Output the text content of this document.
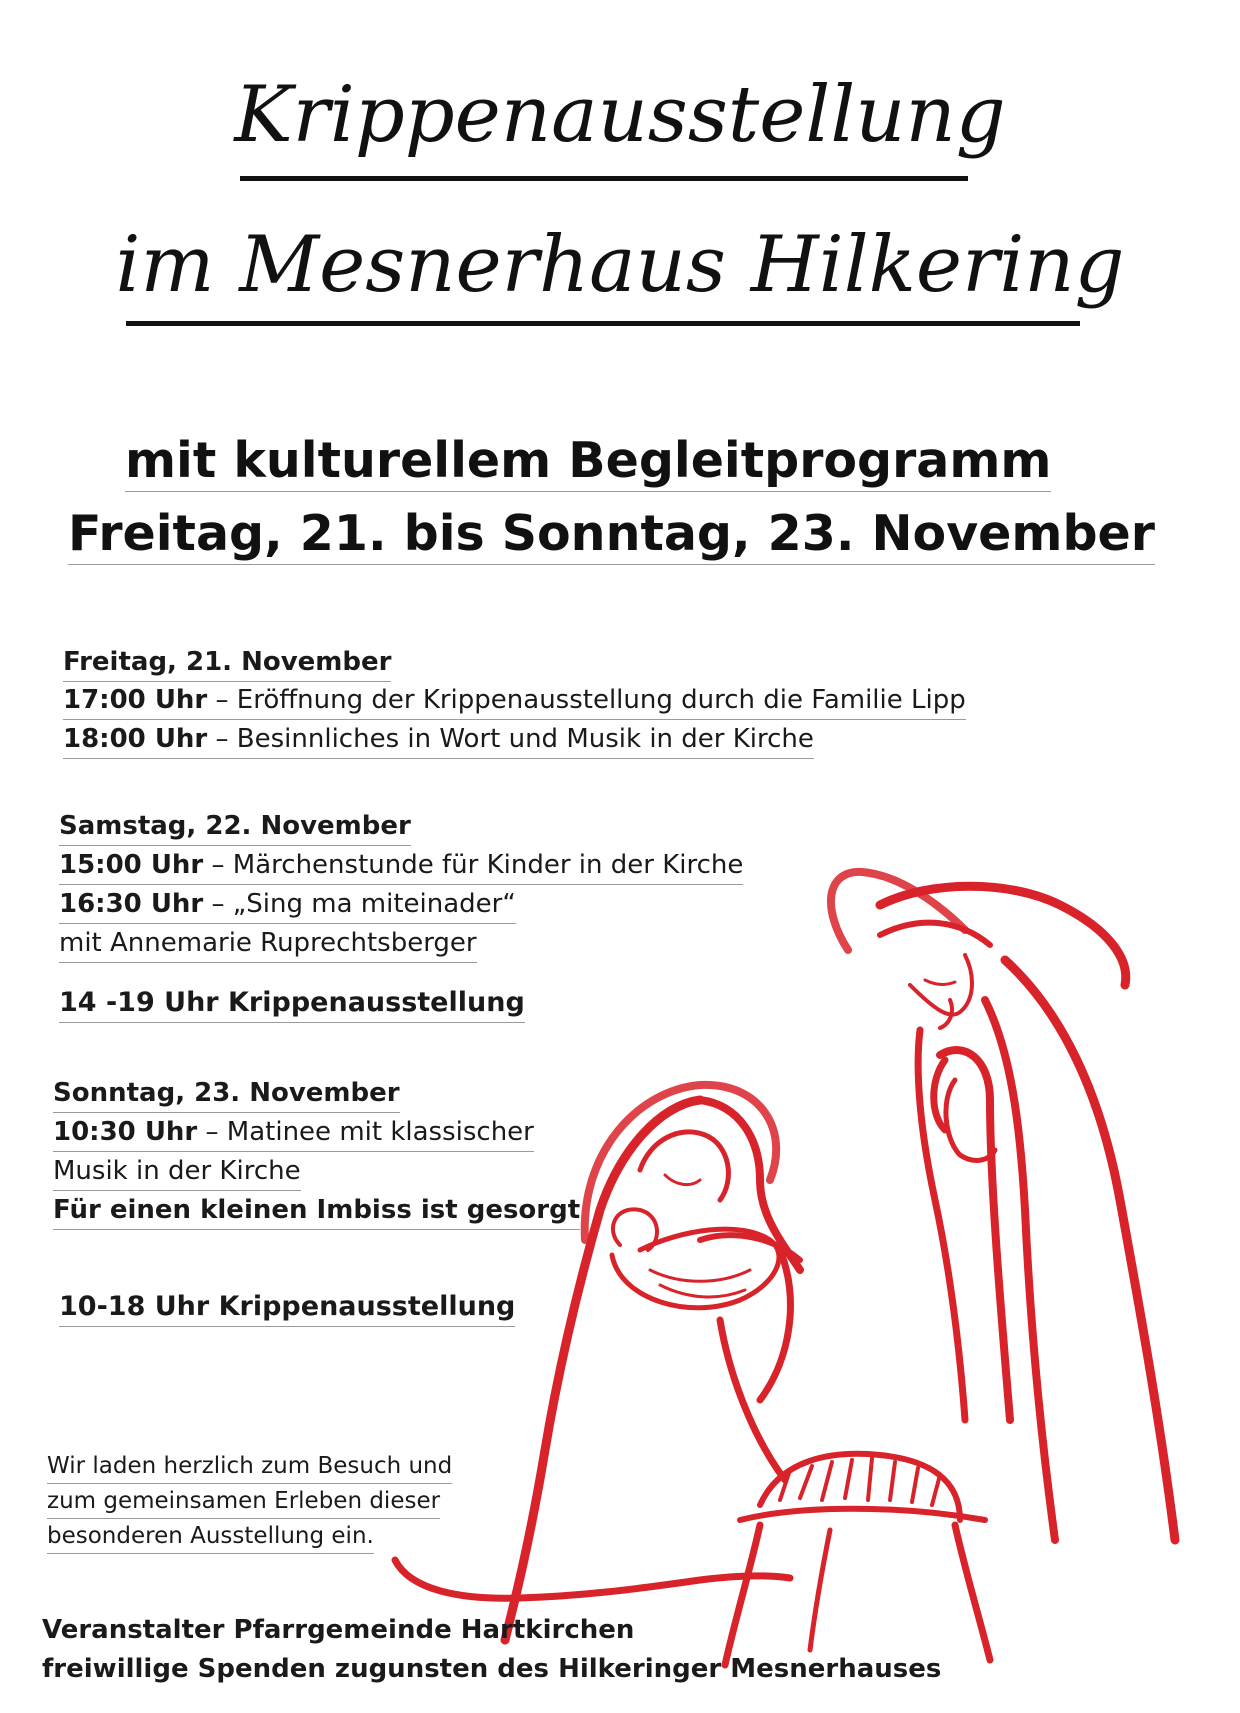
Krippenausstellung
im Mesnerhaus Hilkering
mit kulturellem Begleitprogramm
Freitag, 21. bis Sonntag, 23. November
Freitag, 21. November
17:00 Uhr – Eröffnung der Krippenausstellung durch die Familie Lipp
18:00 Uhr – Besinnliches in Wort und Musik in der Kirche
Samstag, 22. November
15:00 Uhr – Märchenstunde für Kinder in der Kirche
16:30 Uhr – „Sing ma miteinader“
mit Annemarie Ruprechtsberger
14 -19 Uhr Krippenausstellung
Sonntag, 23. November
10:30 Uhr – Matinee mit klassischer
Musik in der Kirche
Für einen kleinen Imbiss ist gesorgt
10-18 Uhr Krippenausstellung
Wir laden herzlich zum Besuch und
zum gemeinsamen Erleben dieser
besonderen Ausstellung ein.
Veranstalter Pfarrgemeinde Hartkirchen
freiwillige Spenden zugunsten des Hilkeringer Mesnerhauses
